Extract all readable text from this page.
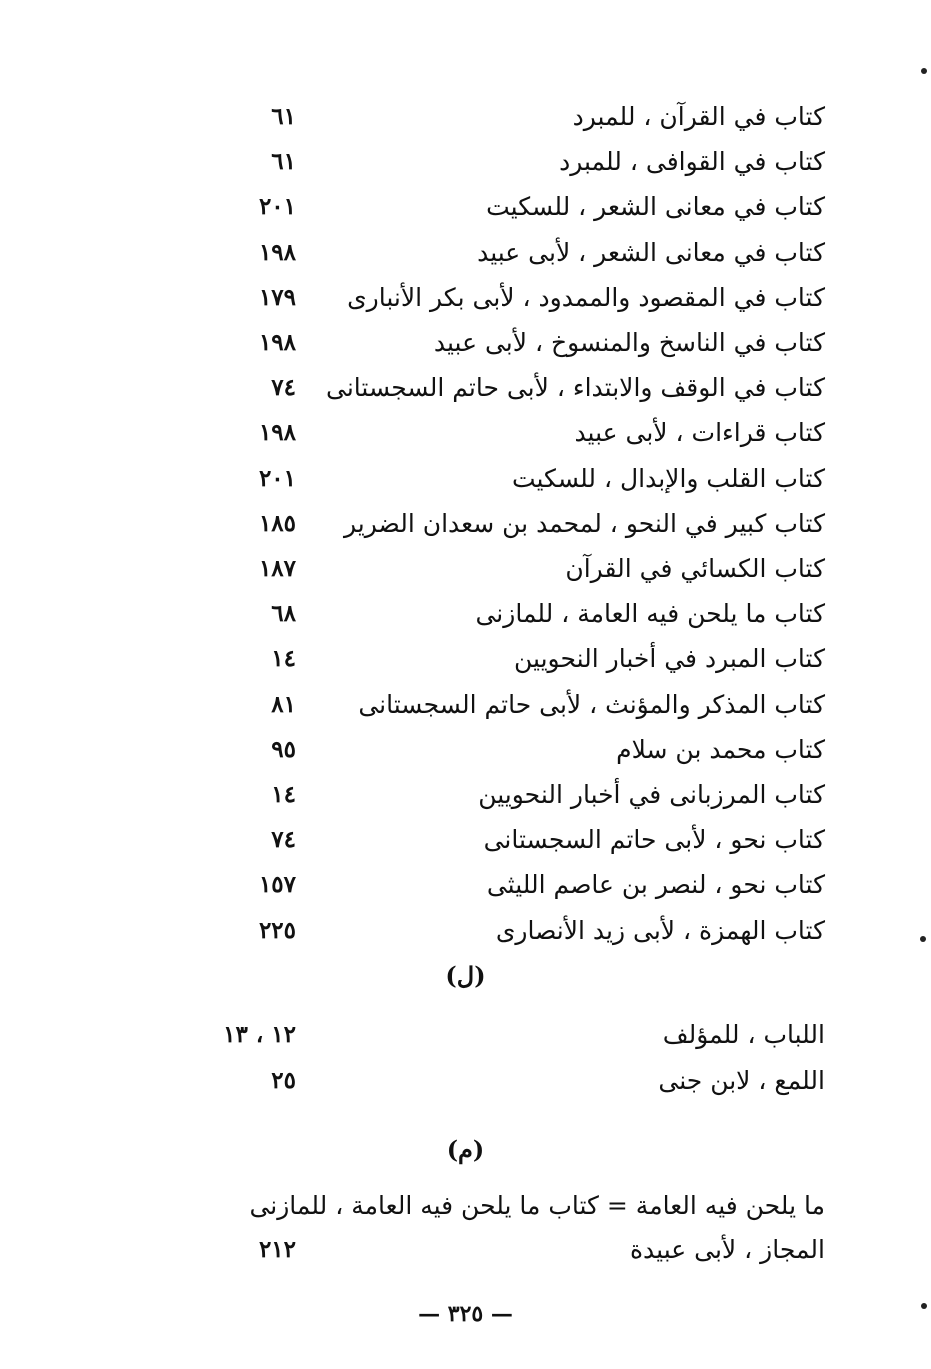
كتاب في القرآن ، للمبرد
٦١
كتاب في القوافى ، للمبرد
٦١
كتاب في معانى الشعر ، للسكيت
٢٠١
كتاب في معانى الشعر ، لأبى عبيد
١٩٨
كتاب في المقصود والممدود ، لأبى بكر الأنبارى
١٧٩
كتاب في الناسخ والمنسوخ ، لأبى عبيد
١٩٨
كتاب في الوقف والابتداء ، لأبى حاتم السجستانى
٧٤
كتاب قراءات ، لأبى عبيد
١٩٨
كتاب القلب والإبدال ، للسكيت
٢٠١
كتاب كبير في النحو ، لمحمد بن سعدان الضرير
١٨٥
كتاب الكسائي في القرآن
١٨٧
كتاب ما يلحن فيه العامة ، للمازنى
٦٨
كتاب المبرد في أخبار النحويين
١٤
كتاب المذكر والمؤنث ، لأبى حاتم السجستانى
٨١
كتاب محمد بن سلام
٩٥
كتاب المرزبانى في أخبار النحويين
١٤
كتاب نحو ، لأبى حاتم السجستانى
٧٤
كتاب نحو ، لنصر بن عاصم الليثى
١٥٧
كتاب الهمزة ، لأبى زيد الأنصارى
٢٢٥
(ل)
اللباب ، للمؤلف
١٢ ، ١٣
اللمع ، لابن جنى
٢٥
(م)
ما يلحن فيه العامة = كتاب ما يلحن فيه العامة ، للمازنى
المجاز ، لأبى عبيدة
٢١٢
— ٣٢٥ —
